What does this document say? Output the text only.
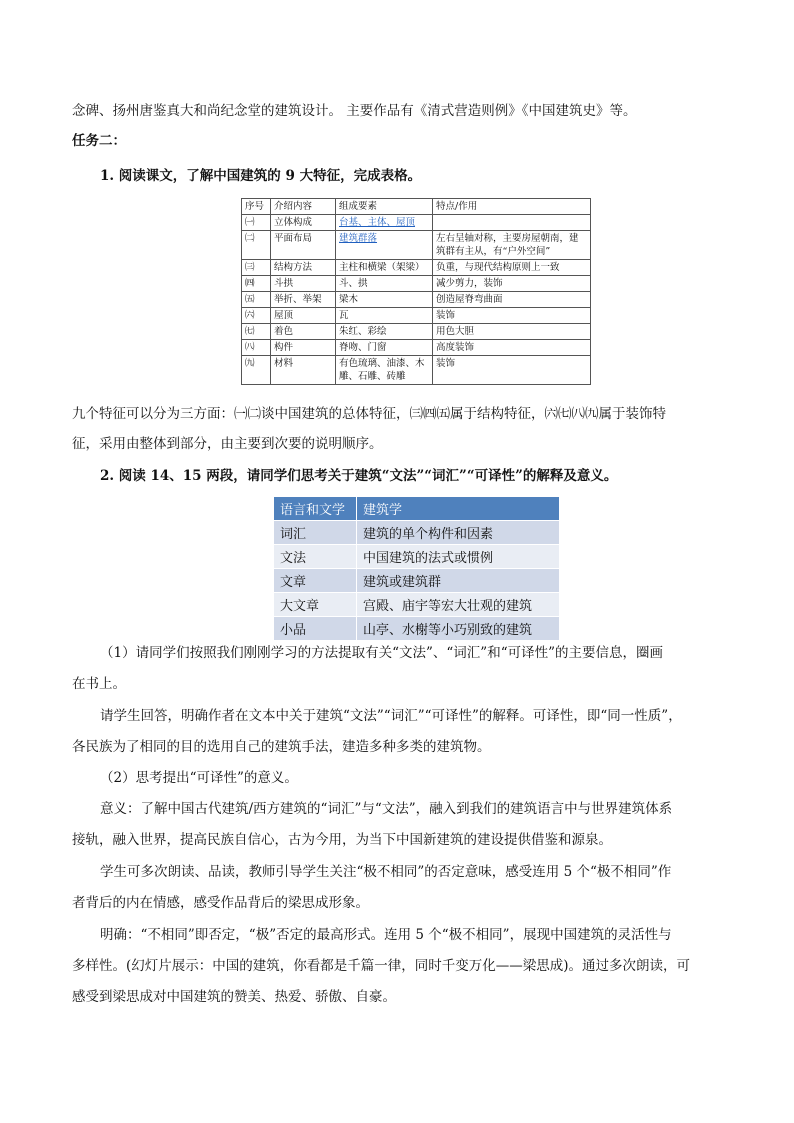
念碑、扬州唐鉴真大和尚纪念堂的建筑设计。 主要作品有《清式营造则例》《中国建筑史》等。
任务二：
1. 阅读课文，了解中国建筑的 9 大特征，完成表格。
序号	介绍内容	组成要素	特点/作用
㈠	立体构成	台基、主体、屋顶	
㈡	平面布局	建筑群落	左右呈轴对称，主要房屋朝南，建筑群有主从，有“户外空间”
㈢	结构方法	主柱和横梁（架梁）	负重，与现代结构原则上一致
㈣	斗拱	斗、拱	减少剪力，装饰
㈤	举折、举架	梁木	创造屋脊弯曲面
㈥	屋顶	瓦	装饰
㈦	着色	朱红、彩绘	用色大胆
㈧	构件	脊吻、门窗	高度装饰
㈨	材料	有色琉璃、油漆、木雕、石雕、砖雕	装饰
九个特征可以分为三方面：㈠㈡谈中国建筑的总体特征，㈢㈣㈤属于结构特征，㈥㈦㈧㈨属于装饰特
征，采用由整体到部分，由主要到次要的说明顺序。
2. 阅读 14、15 两段，请同学们思考关于建筑“文法”“词汇”“可译性”的解释及意义。
语言和文学	建筑学
词汇	建筑的单个构件和因素
文法	中国建筑的法式或惯例
文章	建筑或建筑群
大文章	宫殿、庙宇等宏大壮观的建筑
小品	山亭、水榭等小巧别致的建筑
（1）请同学们按照我们刚刚学习的方法提取有关“文法”、“词汇”和“可译性”的主要信息，圈画
在书上。
请学生回答，明确作者在文本中关于建筑“文法”“词汇”“可译性”的解释。可译性，即“同一性质”，
各民族为了相同的目的选用自己的建筑手法，建造多种多类的建筑物。
（2）思考提出“可译性”的意义。
意义：了解中国古代建筑/西方建筑的“词汇”与“文法”，融入到我们的建筑语言中与世界建筑体系
接轨，融入世界，提高民族自信心，古为今用，为当下中国新建筑的建设提供借鉴和源泉。
学生可多次朗读、品读，教师引导学生关注“极不相同”的否定意味，感受连用 5 个“极不相同”作
者背后的内在情感，感受作品背后的梁思成形象。
明确：“不相同”即否定，“极”否定的最高形式。连用 5 个“极不相同”，展现中国建筑的灵活性与
多样性。(幻灯片展示：中国的建筑，你看都是千篇一律，同时千变万化——梁思成)。通过多次朗读，可
感受到梁思成对中国建筑的赞美、热爱、骄傲、自豪。
